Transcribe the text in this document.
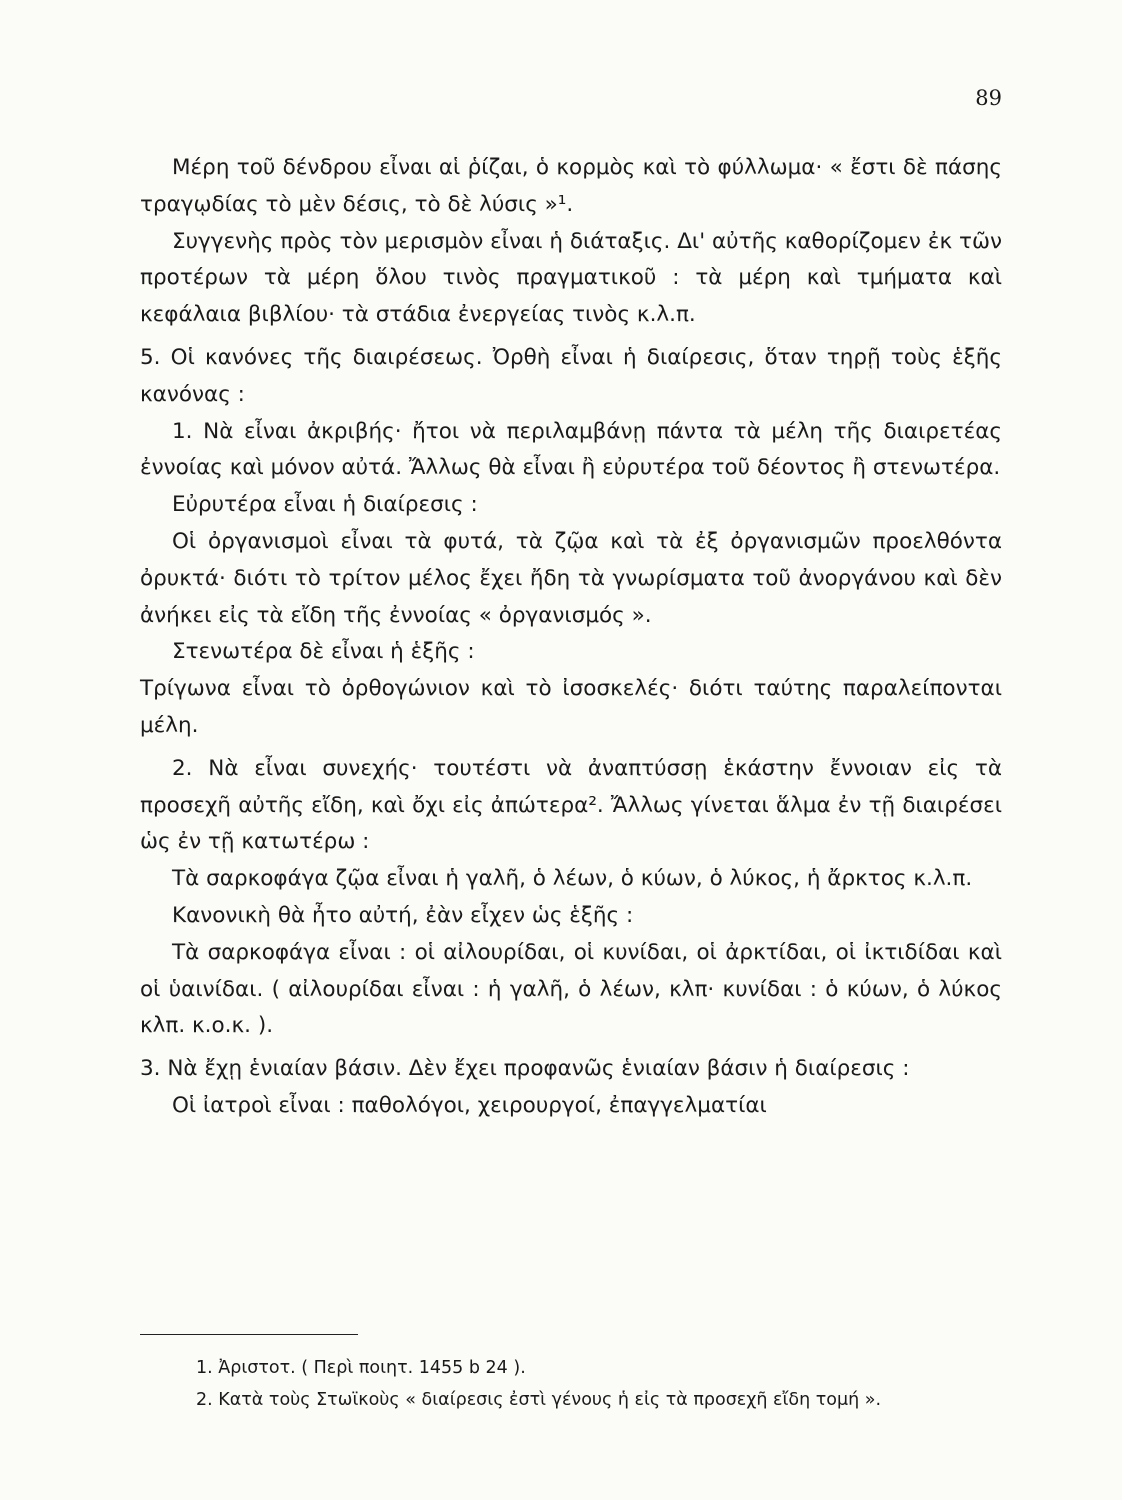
89

Μέρη τοῦ δένδρου εἶναι αἱ ῥίζαι, ὁ κορμὸς καὶ τὸ φύλλωμα· « ἔστι δὲ πάσης τραγῳδίας τὸ μὲν δέσις, τὸ δὲ λύσις »¹.

Συγγενὴς πρὸς τὸν μερισμὸν εἶναι ἡ διάταξις. Δι' αὐτῆς καθορίζομεν ἐκ τῶν προτέρων τὰ μέρη ὅλου τινὸς πραγματικοῦ : τὰ μέρη καὶ τμήματα καὶ κεφάλαια βιβλίου· τὰ στάδια ἐνεργείας τινὸς κ.λ.π.

5. Οἱ κανόνες τῆς διαιρέσεως. Ὀρθὴ εἶναι ἡ διαίρεσις, ὅταν τηρῇ τοὺς ἑξῆς κανόνας :

1. Νὰ εἶναι ἀκριβής· ἤτοι νὰ περιλαμβάνῃ πάντα τὰ μέλη τῆς διαιρετέας ἐννοίας καὶ μόνον αὐτά. Ἄλλως θὰ εἶναι ἢ εὐρυτέρα τοῦ δέοντος ἢ στενωτέρα.

Εὐρυτέρα εἶναι ἡ διαίρεσις :

Οἱ ὀργανισμοὶ εἶναι τὰ φυτά, τὰ ζῷα καὶ τὰ ἐξ ὀργανισμῶν προελθόντα ὀρυκτά· διότι τὸ τρίτον μέλος ἔχει ἤδη τὰ γνωρίσματα τοῦ ἀνοργάνου καὶ δὲν ἀνήκει εἰς τὰ εἴδη τῆς ἐννοίας « ὀργανισμός ».

Στενωτέρα δὲ εἶναι ἡ ἑξῆς :

Τρίγωνα εἶναι τὸ ὀρθογώνιον καὶ τὸ ἰσοσκελές· διότι ταύτης παραλείπονται μέλη.

2. Νὰ εἶναι συνεχής· τουτέστι νὰ ἀναπτύσσῃ ἑκάστην ἔννοιαν εἰς τὰ προσεχῆ αὐτῆς εἴδη, καὶ ὄχι εἰς ἀπώτερα². Ἄλλως γίνεται ἅλμα ἐν τῇ διαιρέσει ὡς ἐν τῇ κατωτέρω :

Τὰ σαρκοφάγα ζῷα εἶναι ἡ γαλῆ, ὁ λέων, ὁ κύων, ὁ λύκος, ἡ ἄρκτος κ.λ.π.

Κανονικὴ θὰ ἦτο αὐτή, ἐὰν εἶχεν ὡς ἑξῆς :

Τὰ σαρκοφάγα εἶναι : οἱ αἰλουρίδαι, οἱ κυνίδαι, οἱ ἀρκτίδαι, οἱ ἰκτιδίδαι καὶ οἱ ὑαινίδαι. ( αἰλουρίδαι εἶναι : ἡ γαλῆ, ὁ λέων, κλπ· κυνίδαι : ὁ κύων, ὁ λύκος κλπ. κ.ο.κ. ).

3. Νὰ ἔχῃ ἑνιαίαν βάσιν. Δὲν ἔχει προφανῶς ἑνιαίαν βάσιν ἡ διαίρεσις :

Οἱ ἰατροὶ εἶναι : παθολόγοι, χειρουργοί, ἐπαγγελματίαι

1. Ἀριστοτ. ( Περὶ ποιητ. 1455 b 24 ).

2. Κατὰ τοὺς Στωϊκοὺς « διαίρεσις ἐστὶ γένους ἡ εἰς τὰ προσεχῆ εἴδη τομή ».
